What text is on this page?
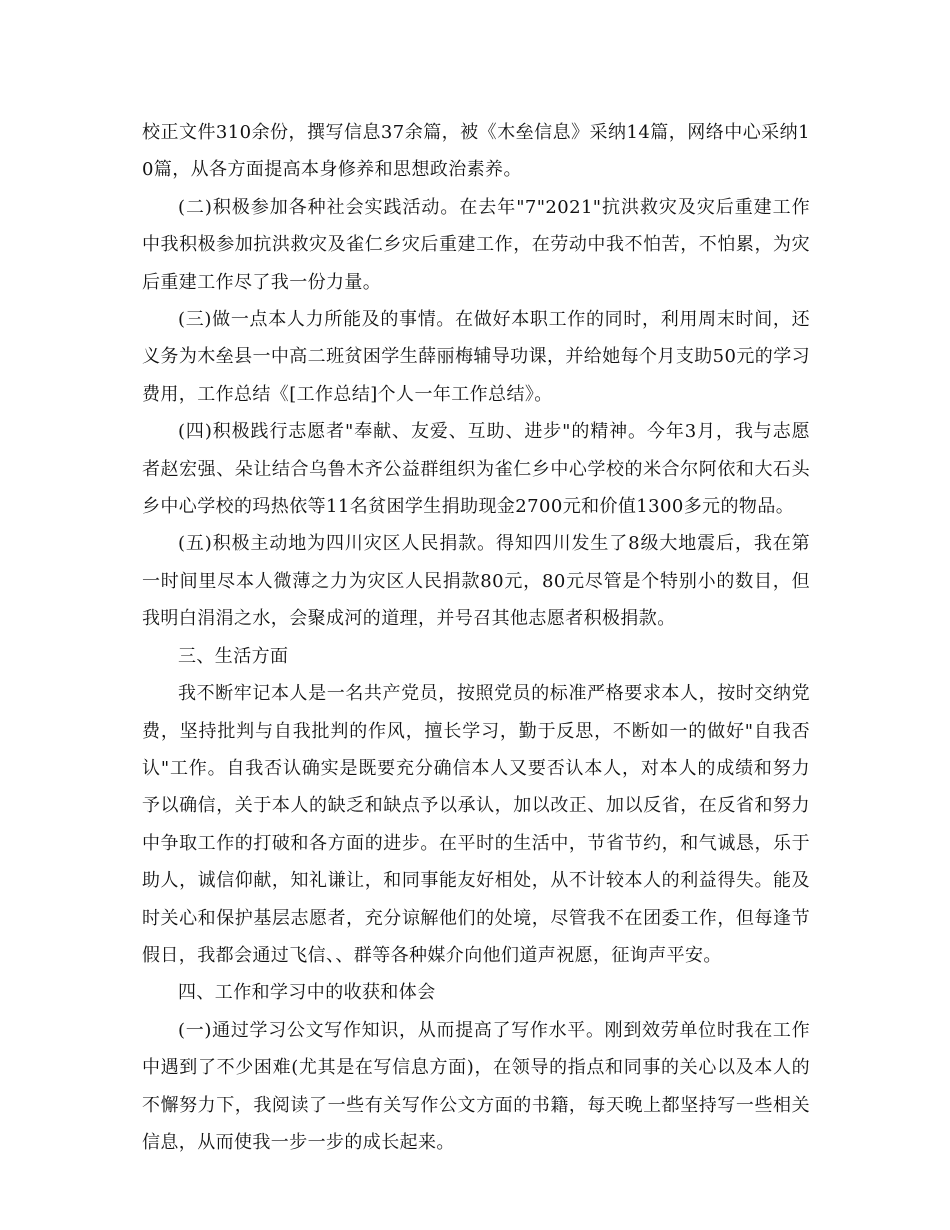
校正文件310余份，撰写信息37余篇，被《木垒信息》采纳14篇，网络中心采纳10篇，从各方面提高本身修养和思想政治素养。

(二)积极参加各种社会实践活动。在去年"7"2021"抗洪救灾及灾后重建工作中我积极参加抗洪救灾及雀仁乡灾后重建工作，在劳动中我不怕苦，不怕累，为灾后重建工作尽了我一份力量。

(三)做一点本人力所能及的事情。在做好本职工作的同时，利用周末时间，还义务为木垒县一中高二班贫困学生薛丽梅辅导功课，并给她每个月支助50元的学习费用，工作总结《[工作总结]个人一年工作总结》。

(四)积极践行志愿者"奉献、友爱、互助、进步"的精神。今年3月，我与志愿者赵宏强、朵让结合乌鲁木齐公益群组织为雀仁乡中心学校的米合尔阿依和大石头乡中心学校的玛热依等11名贫困学生捐助现金2700元和价值1300多元的物品。

(五)积极主动地为四川灾区人民捐款。得知四川发生了8级大地震后，我在第一时间里尽本人微薄之力为灾区人民捐款80元，80元尽管是个特别小的数目，但我明白涓涓之水，会聚成河的道理，并号召其他志愿者积极捐款。

三、生活方面

我不断牢记本人是一名共产党员，按照党员的标准严格要求本人，按时交纳党费，坚持批判与自我批判的作风，擅长学习，勤于反思，不断如一的做好"自我否认"工作。自我否认确实是既要充分确信本人又要否认本人，对本人的成绩和努力予以确信，关于本人的缺乏和缺点予以承认，加以改正、加以反省，在反省和努力中争取工作的打破和各方面的进步。在平时的生活中，节省节约，和气诚恳，乐于助人，诚信仰献，知礼谦让，和同事能友好相处，从不计较本人的利益得失。能及时关心和保护基层志愿者，充分谅解他们的处境，尽管我不在团委工作，但每逢节假日，我都会通过飞信、、群等各种媒介向他们道声祝愿，征询声平安。

四、工作和学习中的收获和体会

(一)通过学习公文写作知识，从而提高了写作水平。刚到效劳单位时我在工作中遇到了不少困难(尤其是在写信息方面)，在领导的指点和同事的关心以及本人的不懈努力下，我阅读了一些有关写作公文方面的书籍，每天晚上都坚持写一些相关信息，从而使我一步一步的成长起来。
